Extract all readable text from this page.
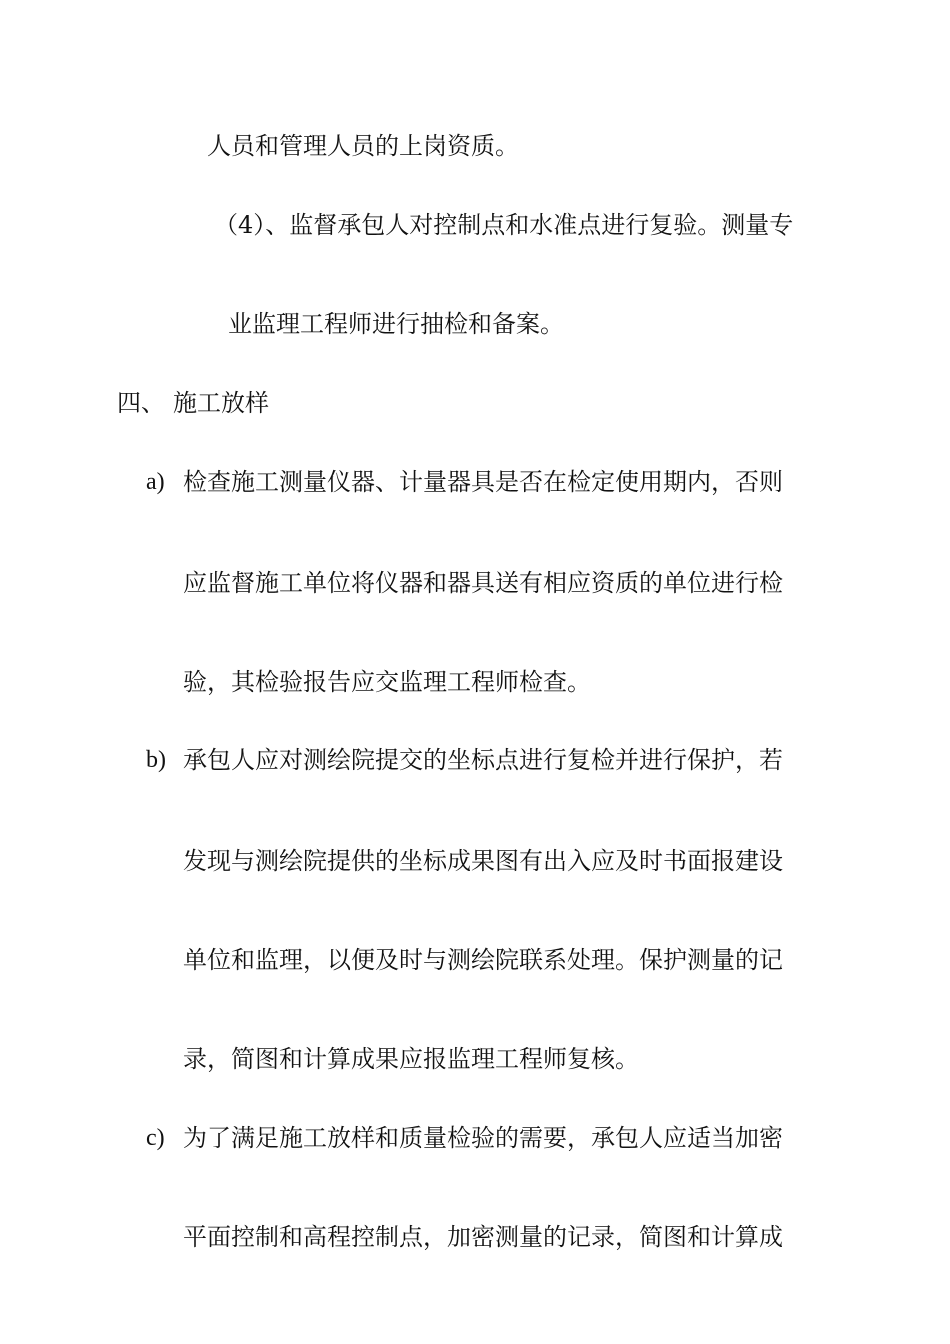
人员和管理人员的上岗资质。
（4）、监督承包人对控制点和水准点进行复验。测量专
业监理工程师进行抽检和备案。
四、 施工放样
a) 检查施工测量仪器、计量器具是否在检定使用期内，否则
应监督施工单位将仪器和器具送有相应资质的单位进行检
验，其检验报告应交监理工程师检查。
b) 承包人应对测绘院提交的坐标点进行复检并进行保护，若
发现与测绘院提供的坐标成果图有出入应及时书面报建设
单位和监理，以便及时与测绘院联系处理。保护测量的记
录，简图和计算成果应报监理工程师复核。
c) 为了满足施工放样和质量检验的需要，承包人应适当加密
平面控制和高程控制点，加密测量的记录，简图和计算成
